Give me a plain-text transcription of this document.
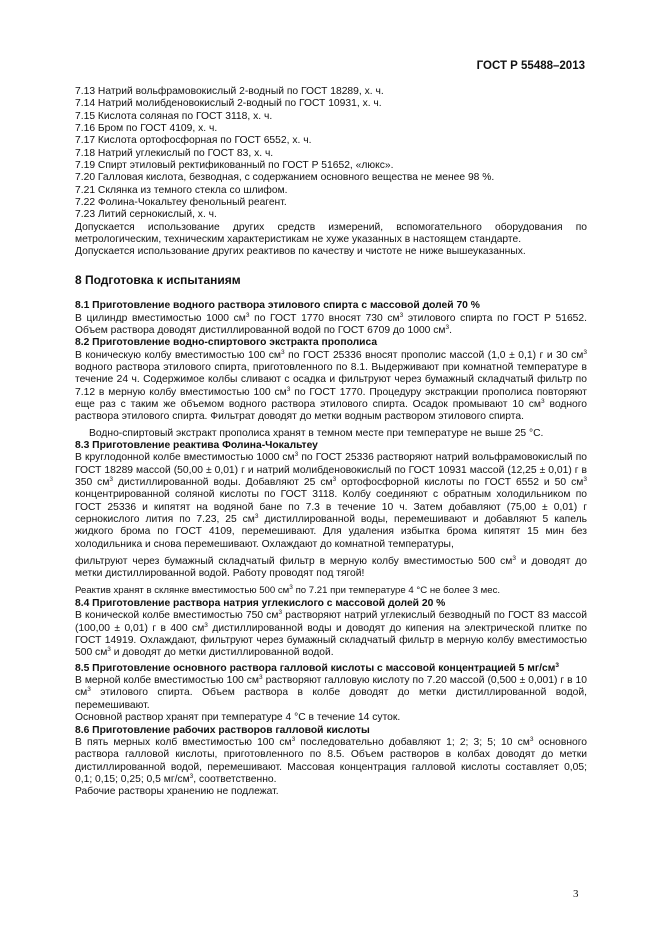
ГОСТ Р 55488–2013

7.13 Натрий вольфрамовокислый 2-водный по ГОСТ 18289, х. ч.

7.14 Натрий молибденовокислый 2-водный по ГОСТ 10931, х. ч.

7.15 Кислота соляная по ГОСТ 3118, х. ч.

7.16 Бром по ГОСТ 4109, х. ч.

7.17 Кислота ортофосфорная по ГОСТ 6552, х. ч.

7.18 Натрий углекислый по ГОСТ 83, х. ч.

7.19 Спирт этиловый ректификованный по ГОСТ Р 51652, «люкс».

7.20 Галловая кислота, безводная, с содержанием основного вещества не менее 98 %.

7.21 Склянка из темного стекла со шлифом.

7.22 Фолина-Чокальтеу фенольный реагент.

7.23 Литий сернокислый, х. ч.

Допускается использование других средств измерений, вспомогательного оборудования по метрологическим, техническим характеристикам не хуже указанных в настоящем стандарте.

Допускается использование других реактивов по качеству и чистоте не ниже вышеуказанных.

8 Подготовка к испытаниям

8.1 Приготовление водного раствора этилового спирта с массовой долей 70 %

В цилиндр вместимостью 1000 $см^3$ по ГОСТ 1770 вносят 730 $см^3$ этилового спирта по ГОСТ Р 51652. Объем раствора доводят дистиллированной водой по ГОСТ 6709 до 1000 $см^3$.

8.2 Приготовление водно-спиртового экстракта прополиса

В коническую колбу вместимостью 100 $см^3$ по ГОСТ 25336 вносят прополис массой (1,0 ± 0,1) г и 30 $см^3$ водного раствора этилового спирта, приготовленного по 8.1. Выдерживают при комнатной температуре в течение 24 ч. Содержимое колбы сливают с осадка и фильтруют через бумажный складчатый фильтр по 7.12 в мерную колбу вместимостью 100 $см^3$ по ГОСТ 1770. Процедуру экстракции прополиса повторяют еще раз с таким же объемом водного раствора этилового спирта. Осадок промывают 10 $см^3$ водного раствора этилового спирта. Фильтрат доводят до метки водным раствором этилового спирта.

Водно-спиртовый экстракт прополиса хранят в темном месте при температуре не выше 25 °С.

8.3 Приготовление реактива Фолина-Чокальтеу

В круглодонной колбе вместимостью 1000 $см^3$ по ГОСТ 25336 растворяют натрий вольфрамовокислый по ГОСТ 18289 массой (50,00 ± 0,01) г и натрий молибденовокислый по ГОСТ 10931 массой (12,25 ± 0,01) г в 350 $см^3$ дистиллированной воды. Добавляют 25 $см^3$ ортофосфорной кислоты по ГОСТ 6552 и 50 $см^3$ концентрированной соляной кислоты по ГОСТ 3118. Колбу соединяют с обратным холодильником по ГОСТ 25336 и кипятят на водяной бане по 7.3 в течение 10 ч. Затем добавляют (75,00 ± 0,01) г сернокислого лития по 7.23, 25 $см^3$ дистиллированной воды, перемешивают и добавляют 5 капель жидкого брома по ГОСТ 4109, перемешивают. Для удаления избытка брома кипятят 15 мин без холодильника и снова перемешивают. Охлаждают до комнатной температуры,

фильтруют через бумажный складчатый фильтр в мерную колбу вместимостью 500 $см^3$ и доводят до метки дистиллированной водой. Работу проводят под тягой!

Реактив хранят в склянке вместимостью 500 $см^3$ по 7.21 при температуре 4 °С не более 3 мес.

8.4 Приготовление раствора натрия углекислого с массовой долей 20 %

В конической колбе вместимостью 750 $см^3$ растворяют натрий углекислый безводный по ГОСТ 83 массой (100,00 ± 0,01) г в 400 $см^3$ дистиллированной воды и доводят до кипения на электрической плитке по ГОСТ 14919. Охлаждают, фильтруют через бумажный складчатый фильтр в мерную колбу вместимостью 500 $см^3$ и доводят до метки дистиллированной водой.

8.5 Приготовление основного раствора галловой кислоты с массовой концентрацией 5 $мг/см^3$

В мерной колбе вместимостью 100 $см^3$ растворяют галловую кислоту по 7.20 массой (0,500 ± 0,001) г в 10 $см^3$ этилового спирта. Объем раствора в колбе доводят до метки дистиллированной водой, перемешивают.

Основной раствор хранят при температуре 4 °С в течение 14 суток.

8.6 Приготовление рабочих растворов галловой кислоты

В пять мерных колб вместимостью 100 $см^3$ последовательно добавляют 1; 2; 3; 5; 10 $см^3$ основного раствора галловой кислоты, приготовленного по 8.5. Объем растворов в колбах доводят до метки дистиллированной водой, перемешивают. Массовая концентрация галловой кислоты составляет 0,05; 0,1; 0,15; 0,25; 0,5 $мг/см^3$, соответственно.

Рабочие растворы хранению не подлежат.

3
